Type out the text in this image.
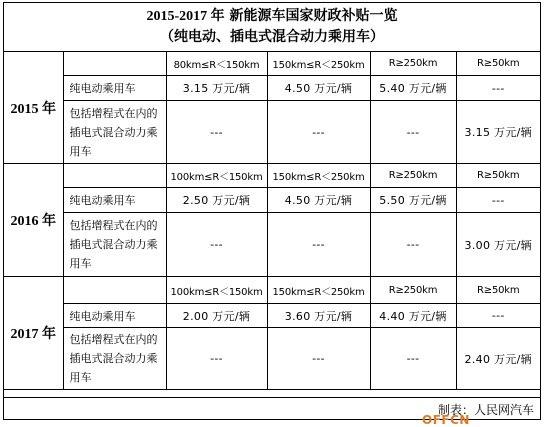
2015-2017 年 新能源车国家财政补贴一览
（纯电动、插电式混合动力乘用车）
2015 年		80km≤R＜150km	150km≤R＜250km	R≥250km	R≥50km
	纯电动乘用车	3.15 万元/辆	4.50 万元/辆	5.40 万元/辆	---
	包括增程式在内的插电式混合动力乘用车	---	---	---	3.15 万元/辆
2016 年		100km≤R＜150km	150km≤R＜250km	R≥250km	R≥50km
	纯电动乘用车	2.50 万元/辆	4.50 万元/辆	5.50 万元/辆	---
	包括增程式在内的插电式混合动力乘用车	---	---	---	3.00 万元/辆
2017 年		100km≤R＜150km	150km≤R＜250km	R≥250km	R≥50km
	纯电动乘用车	2.00 万元/辆	3.60 万元/辆	4.40 万元/辆	---
	包括增程式在内的插电式混合动力乘用车	---	---	---	2.40 万元/辆
制表：人民网汽车
OFFCN
